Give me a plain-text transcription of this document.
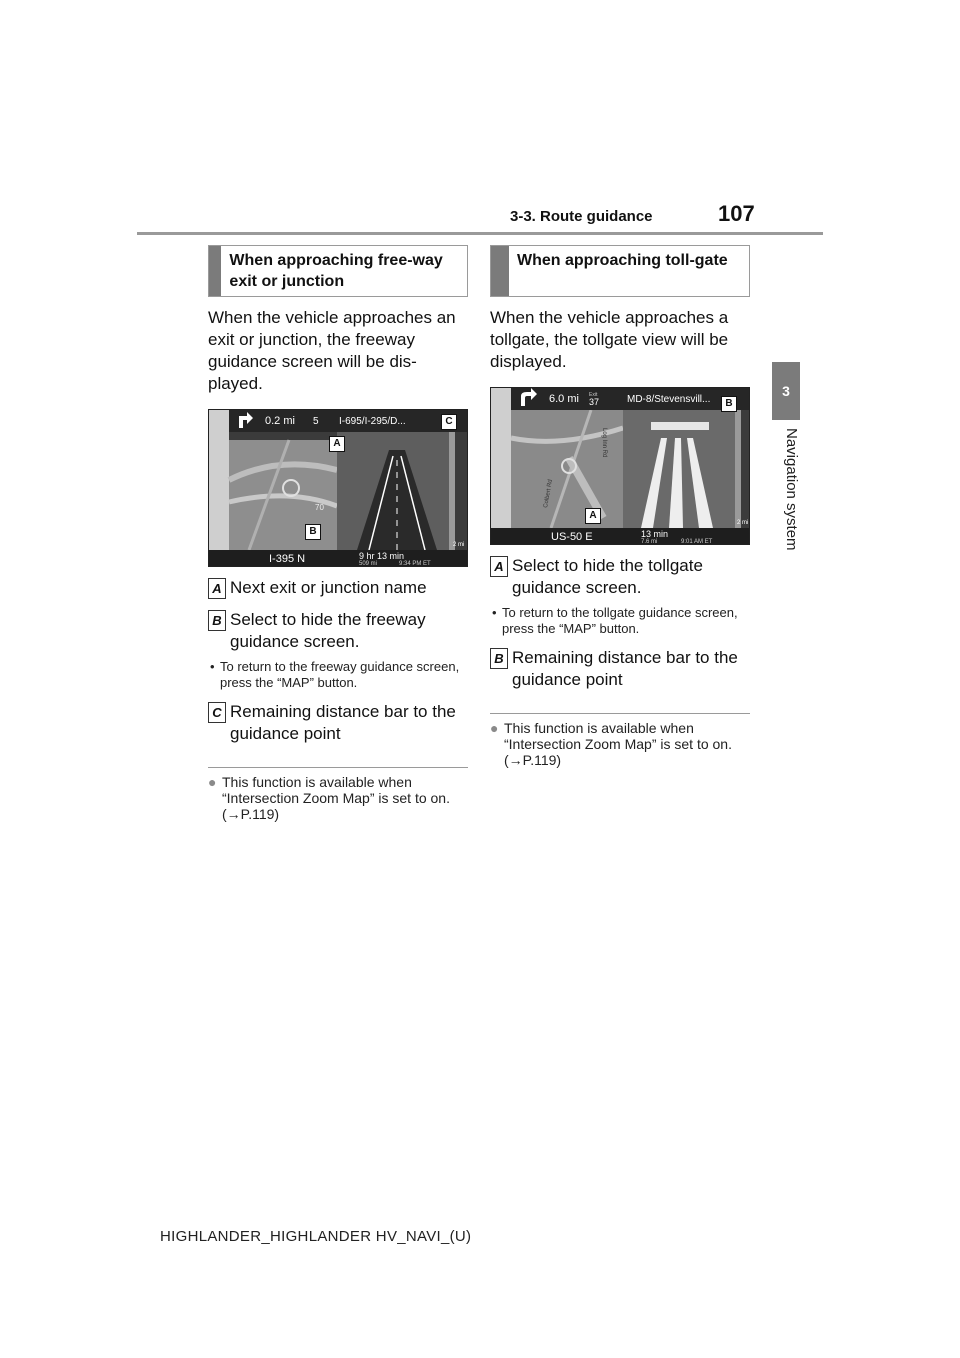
3-3. Route guidance	107
3
Navigation system
When approaching free-way exit or junction
When the vehicle approaches an exit or junction, the freeway guidance screen will be dis-played.
0.2 mi 5 I-695/I-295/D...
I-395 N	9 hr 13 min
509 mi	9:34 PM ET
2 mi
70
A
B
C
A Next exit or junction name
B Select to hide the freeway guidance screen.
• To return to the freeway guidance screen, press the “MAP” button.
C Remaining distance bar to the guidance point
● This function is available when “Intersection Zoom Map” is set to on. (→P.119)
When approaching toll-gate
When the vehicle approaches a tollgate, the tollgate view will be displayed.
6.0 mi Exit
37	MD-8/Stevensvill...
US-50 E	13 min
7.6 mi	9:01 AM ET
2 mi
Log Inn Rd
Colbert Rd
A
B
A Select to hide the tollgate guidance screen.
• To return to the tollgate guidance screen, press the “MAP” button.
B Remaining distance bar to the guidance point
● This function is available when “Intersection Zoom Map” is set to on. (→P.119)
HIGHLANDER_HIGHLANDER HV_NAVI_(U)
